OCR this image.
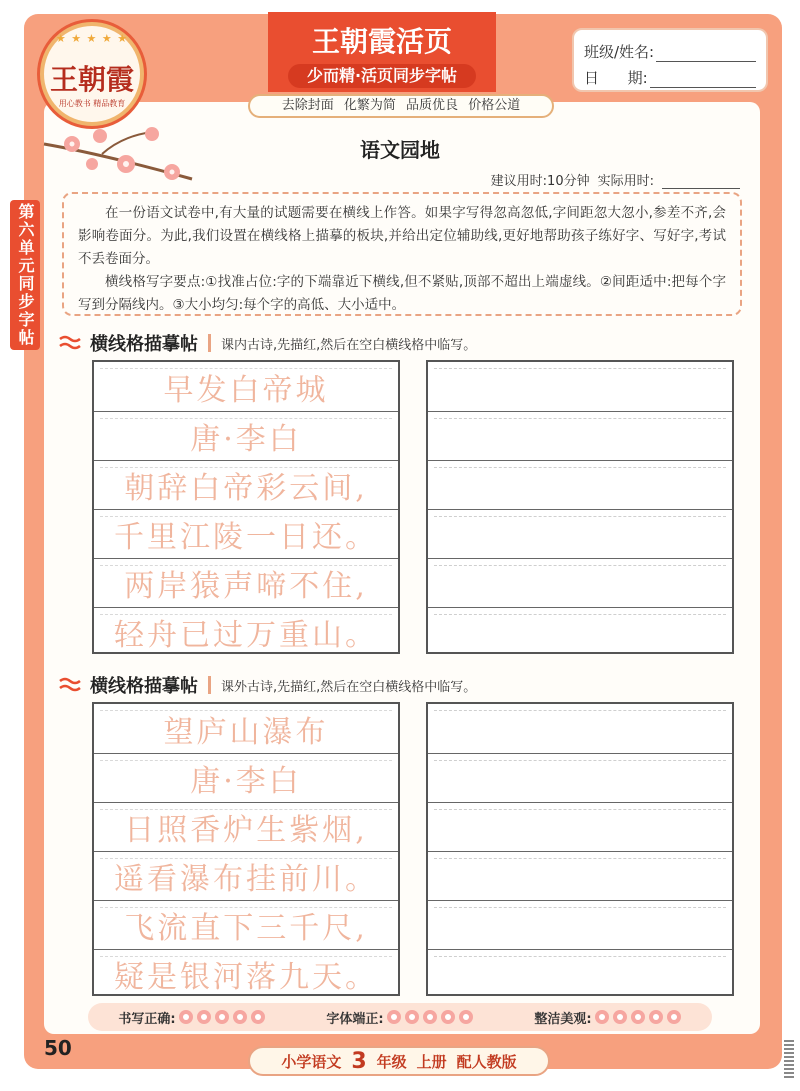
★ ★ ★ ★ ★
王朝霞
用心教书 精品教育
王朝霞活页
少而精·活页同步字帖
去除封面 化繁为简 品质优良 价格公道
班级/姓名:
日      期:
第六单元同步字帖
语文园地
建议用时:10分钟 实际用时:

在一份语文试卷中,有大量的试题需要在横线上作答。如果字写得忽高忽低,字间距忽大忽小,参差不齐,会影响卷面分。为此,我们设置在横线格上描摹的板块,并给出定位辅助线,更好地帮助孩子练好字、写好字,考试不丢卷面分。

横线格写字要点:①找准占位:字的下端靠近下横线,但不紧贴,顶部不超出上端虚线。②间距适中:把每个字写到分隔线内。③大小均匀:每个字的高低、大小适中。

横线格描摹帖 课内古诗,先描红,然后在空白横线格中临写。
早发白帝城
唐·李白
朝辞白帝彩云间,
千里江陵一日还。
两岸猿声啼不住,
轻舟已过万重山。
横线格描摹帖 课外古诗,先描红,然后在空白横线格中临写。
望庐山瀑布
唐·李白
日照香炉生紫烟,
遥看瀑布挂前川。
飞流直下三千尺,
疑是银河落九天。
书写正确:	字体端正:	整洁美观:
50
小学语文 3 年级 上册 配人教版
